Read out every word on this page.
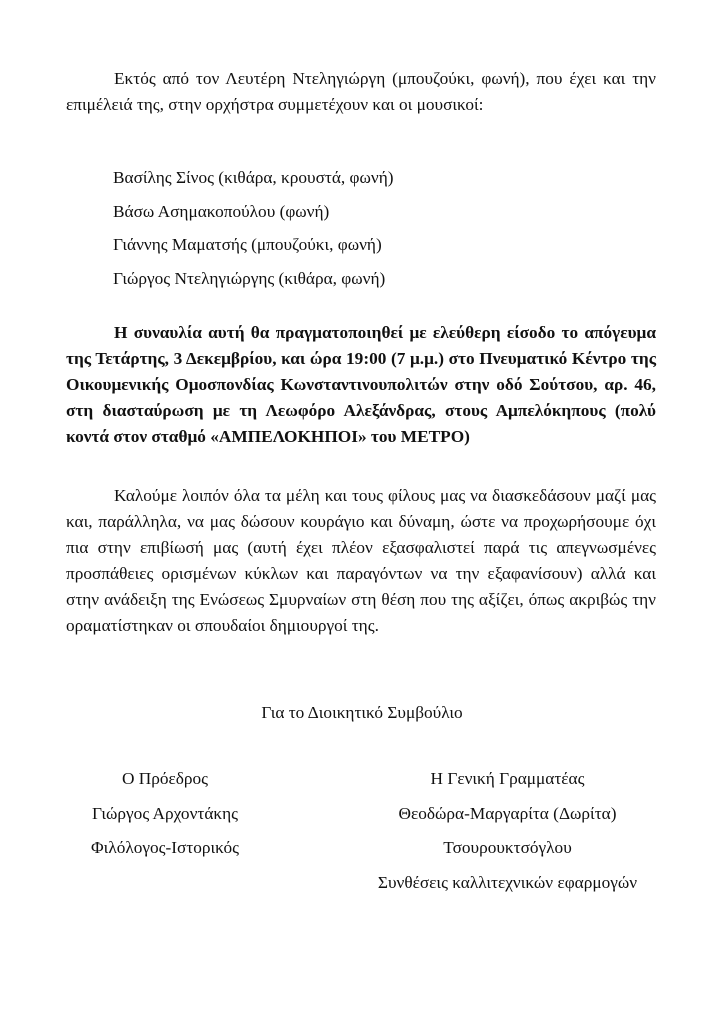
Εκτός από τον Λευτέρη Ντεληγιώργη (μπουζούκι, φωνή), που έχει και την επιμέλειά της, στην ορχήστρα συμμετέχουν και οι μουσικοί:

Βασίλης Σίνος (κιθάρα, κρουστά, φωνή)
Βάσω Ασημακοπούλου (φωνή)
Γιάννης Μαματσής (μπουζούκι, φωνή)
Γιώργος Ντεληγιώργης (κιθάρα, φωνή)

Η συναυλία αυτή θα πραγματοποιηθεί με ελεύθερη είσοδο το απόγευμα της Τετάρτης, 3 Δεκεμβρίου, και ώρα 19:00 (7 μ.μ.) στο Πνευματικό Κέντρο της Οικουμενικής Ομοσπονδίας Κωνσταντινουπολιτών στην οδό Σούτσου, αρ. 46, στη διασταύρωση με τη Λεωφόρο Αλεξάνδρας, στους Αμπελόκηπους (πολύ κοντά στον σταθμό «ΑΜΠΕΛΟΚΗΠΟΙ» του ΜΕΤΡΟ)

Καλούμε λοιπόν όλα τα μέλη και τους φίλους μας να διασκεδάσουν μαζί μας και, παράλληλα, να μας δώσουν κουράγιο και δύναμη, ώστε να προχωρήσουμε όχι πια στην επιβίωσή μας (αυτή έχει πλέον εξασφαλιστεί παρά τις απεγνωσμένες προσπάθειες ορισμένων κύκλων και παραγόντων να την εξαφανίσουν) αλλά και στην ανάδειξη της Ενώσεως Σμυρναίων στη θέση που της αξίζει, όπως ακριβώς την οραματίστηκαν οι σπουδαίοι δημιουργοί της.

Για το Διοικητικό Συμβούλιο
Ο Πρόεδρος
Γιώργος Αρχοντάκης
Φιλόλογος-Ιστορικός
Η Γενική Γραμματέας
Θεοδώρα-Μαργαρίτα (Δωρίτα)
Τσουρουκτσόγλου
Συνθέσεις καλλιτεχνικών εφαρμογών
